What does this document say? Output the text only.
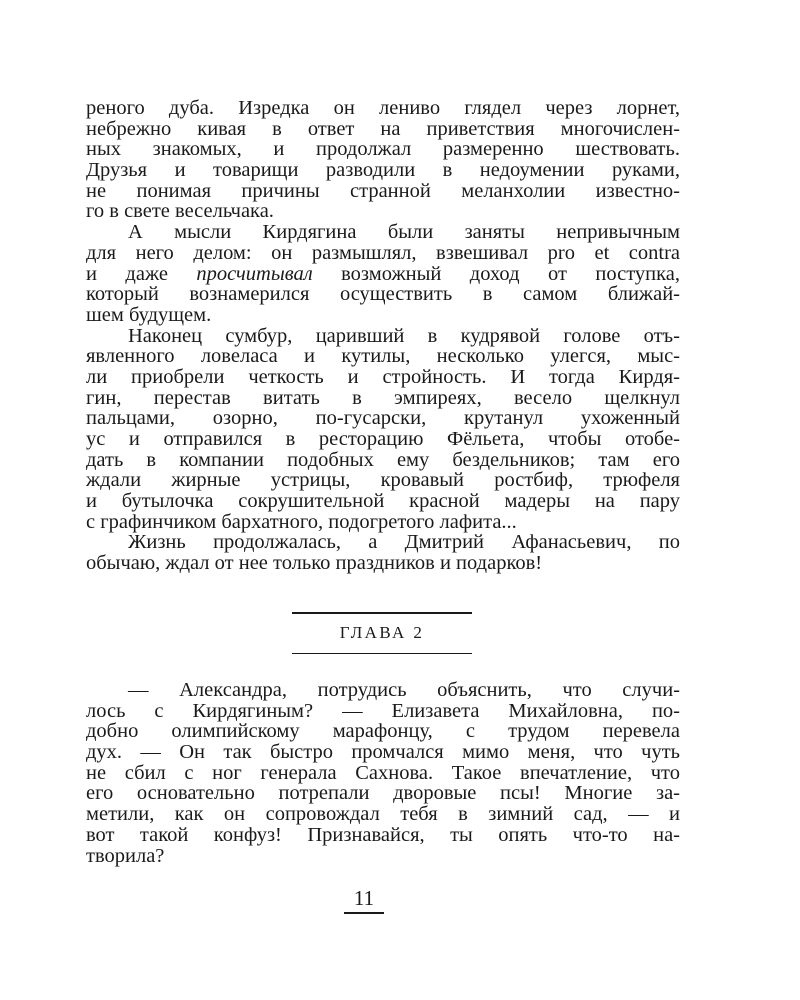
реного дуба. Изредка он лениво глядел через лорнет,
небрежно кивая в ответ на приветствия многочислен-
ных знакомых, и продолжал размеренно шествовать.
Друзья и товарищи разводили в недоумении руками,
не понимая причины странной меланхолии известно-
го в свете весельчака.
А мысли Кирдягина были заняты непривычным
для него делом: он размышлял, взвешивал pro et contra
и даже просчитывал возможный доход от поступка,
который вознамерился осуществить в самом ближай-
шем будущем.
Наконец сумбур, царивший в кудрявой голове отъ-
явленного ловеласа и кутилы, несколько улегся, мыс-
ли приобрели четкость и стройность. И тогда Кирдя-
гин, перестав витать в эмпиреях, весело щелкнул
пальцами, озорно, по-гусарски, крутанул ухоженный
ус и отправился в ресторацию Фёльета, чтобы отобе-
дать в компании подобных ему бездельников; там его
ждали жирные устрицы, кровавый ростбиф, трюфеля
и бутылочка сокрушительной красной мадеры на пару
с графинчиком бархатного, подогретого лафита...
Жизнь продолжалась, а Дмитрий Афанасьевич, по
обычаю, ждал от нее только праздников и подарков!
ГЛАВА 2
— Александра, потрудись объяснить, что случи-
лось с Кирдягиным? — Елизавета Михайловна, по-
добно олимпийскому марафонцу, с трудом перевела
дух. — Он так быстро промчался мимо меня, что чуть
не сбил с ног генерала Сахнова. Такое впечатление, что
его основательно потрепали дворовые псы! Многие за-
метили, как он сопровождал тебя в зимний сад, — и
вот такой конфуз! Признавайся, ты опять что-то на-
творила?
11
